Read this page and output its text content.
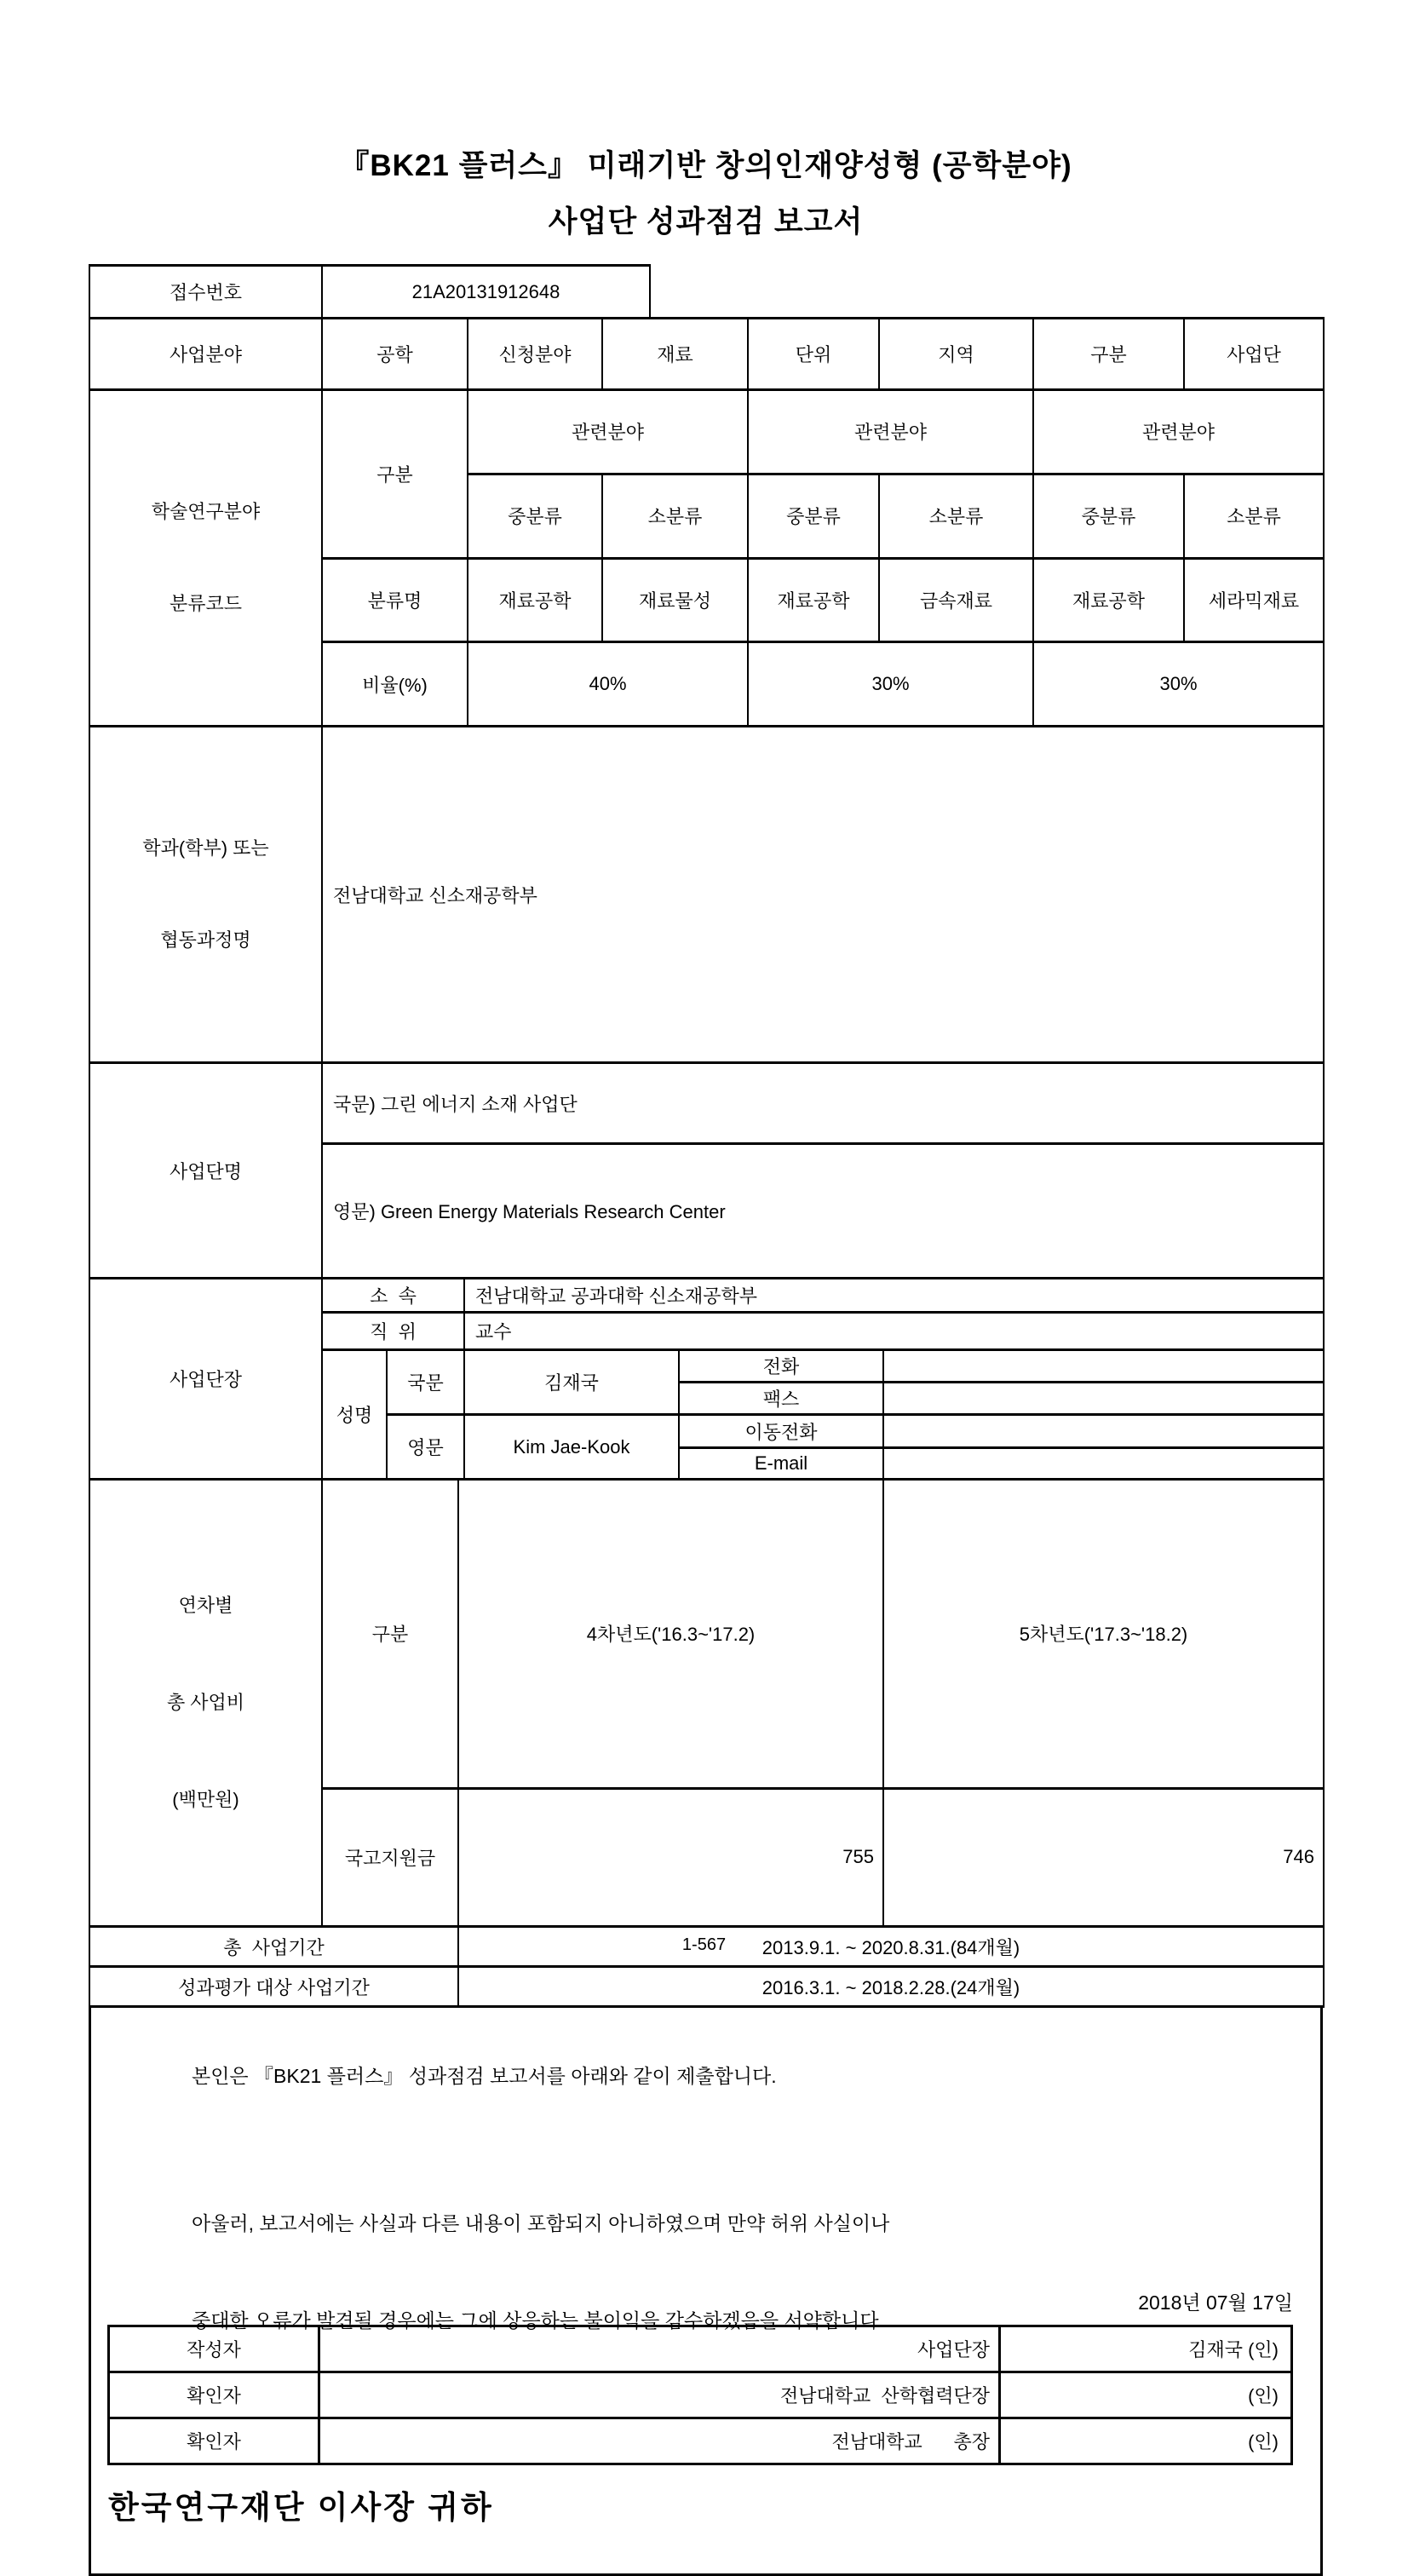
『BK21 플러스』 미래기반 창의인재양성형 (공학분야)
사업단 성과점검 보고서
접수번호	21A20131912648
사업분야	공학	신청분야	재료	단위	지역	구분	사업단

학술연구분야

분류코드	구분	관련분야		관련분야		관련분야	
		중분류	소분류	중분류	소분류	중분류	소분류
	분류명	재료공학	재료물성	재료공학	금속재료	재료공학	세라믹재료
	비율(%)	40%		30%		30%	

학과(학부) 또는

협동과정명

	전남대학교 신소재공학부
사업단명	국문) 그린 에너지 소재 사업단
영문) Green Energy Materials Research Center
사업단장	소  속		전남대학교 공과대학 신소재공학부		
	직  위		교수		
	성명	국문	김재국	전화	
				팩스	
		영문	Kim Jae-Kook	이동전화	
				E-mail	

연차별

총 사업비

(백만원)	구분	4차년도('16.3~'17.2)	5차년도('17.3~'18.2)
	국고지원금	755	746
총  사업기간	2013.9.1. ~ 2020.8.31.(84개월)
성과평가 대상 사업기간	2016.3.1. ~ 2018.2.28.(24개월)
본인은 『BK21 플러스』 성과점검 보고서를 아래와 같이 제출합니다.

아울러, 보고서에는 사실과 다른 내용이 포함되지 아니하였으며 만약 허위 사실이나

중대한 오류가 발견될 경우에는 그에 상응하는 불이익을 감수하겠음을 서약합니다.

2018년 07월 17일
작성자	사업단장	김재국 (인)
확인자	전남대학교  산학협력단장	(인)
확인자	전남대학교      총장	(인)
한국연구재단 이사장 귀하
1-567
